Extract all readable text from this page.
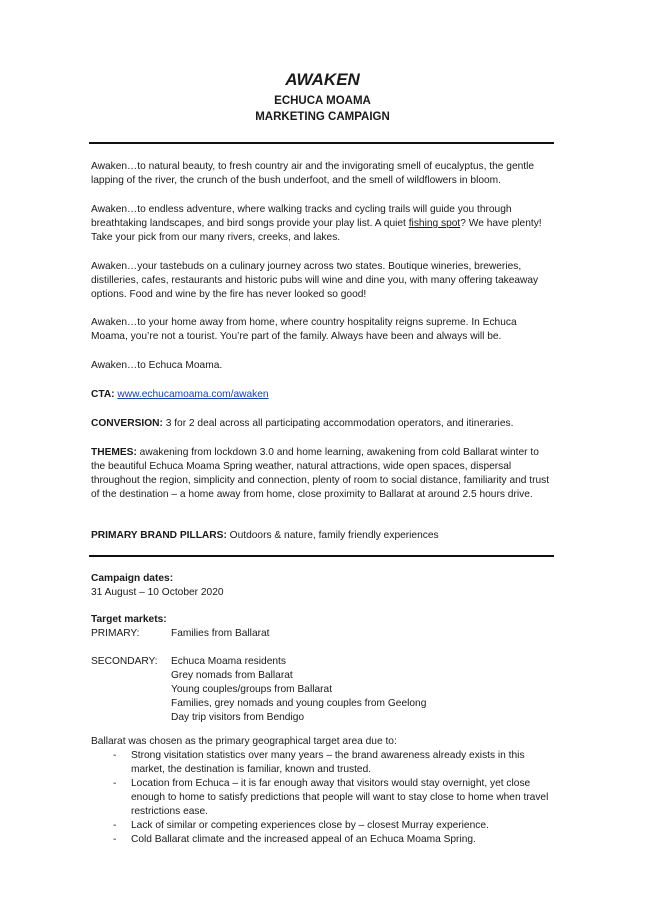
AWAKEN
ECHUCA MOAMA
MARKETING CAMPAIGN

Awaken…to natural beauty, to fresh country air and the invigorating smell of eucalyptus, the gentle lapping of the river, the crunch of the bush underfoot, and the smell of wildflowers in bloom.

Awaken…to endless adventure, where walking tracks and cycling trails will guide you through breathtaking landscapes, and bird songs provide your play list. A quiet fishing spot? We have plenty! Take your pick from our many rivers, creeks, and lakes.

Awaken…your tastebuds on a culinary journey across two states. Boutique wineries, breweries, distilleries, cafes, restaurants and historic pubs will wine and dine you, with many offering takeaway options. Food and wine by the fire has never looked so good!

Awaken…to your home away from home, where country hospitality reigns supreme. In Echuca Moama, you’re not a tourist. You’re part of the family. Always have been and always will be.

Awaken…to Echuca Moama.

CTA: www.echucamoama.com/awaken

CONVERSION: 3 for 2 deal across all participating accommodation operators, and itineraries.

THEMES: awakening from lockdown 3.0 and home learning, awakening from cold Ballarat winter to the beautiful Echuca Moama Spring weather, natural attractions, wide open spaces, dispersal throughout the region, simplicity and connection, plenty of room to social distance, familiarity and trust of the destination – a home away from home, close proximity to Ballarat at around 2.5 hours drive.

PRIMARY BRAND PILLARS: Outdoors & nature, family friendly experiences

Campaign dates:
31 August – 10 October 2020
Target markets:
PRIMARY:	Families from Ballarat
SECONDARY: Echuca Moama residents
Grey nomads from Ballarat
Young couples/groups from Ballarat
Families, grey nomads and young couples from Geelong
Day trip visitors from Bendigo
Ballarat was chosen as the primary geographical target area due to:
- Strong visitation statistics over many years – the brand awareness already exists in this market, the destination is familiar, known and trusted.
- Location from Echuca – it is far enough away that visitors would stay overnight, yet close enough to home to satisfy predictions that people will want to stay close to home when travel restrictions ease.
- Lack of similar or competing experiences close by – closest Murray experience.
- Cold Ballarat climate and the increased appeal of an Echuca Moama Spring.
